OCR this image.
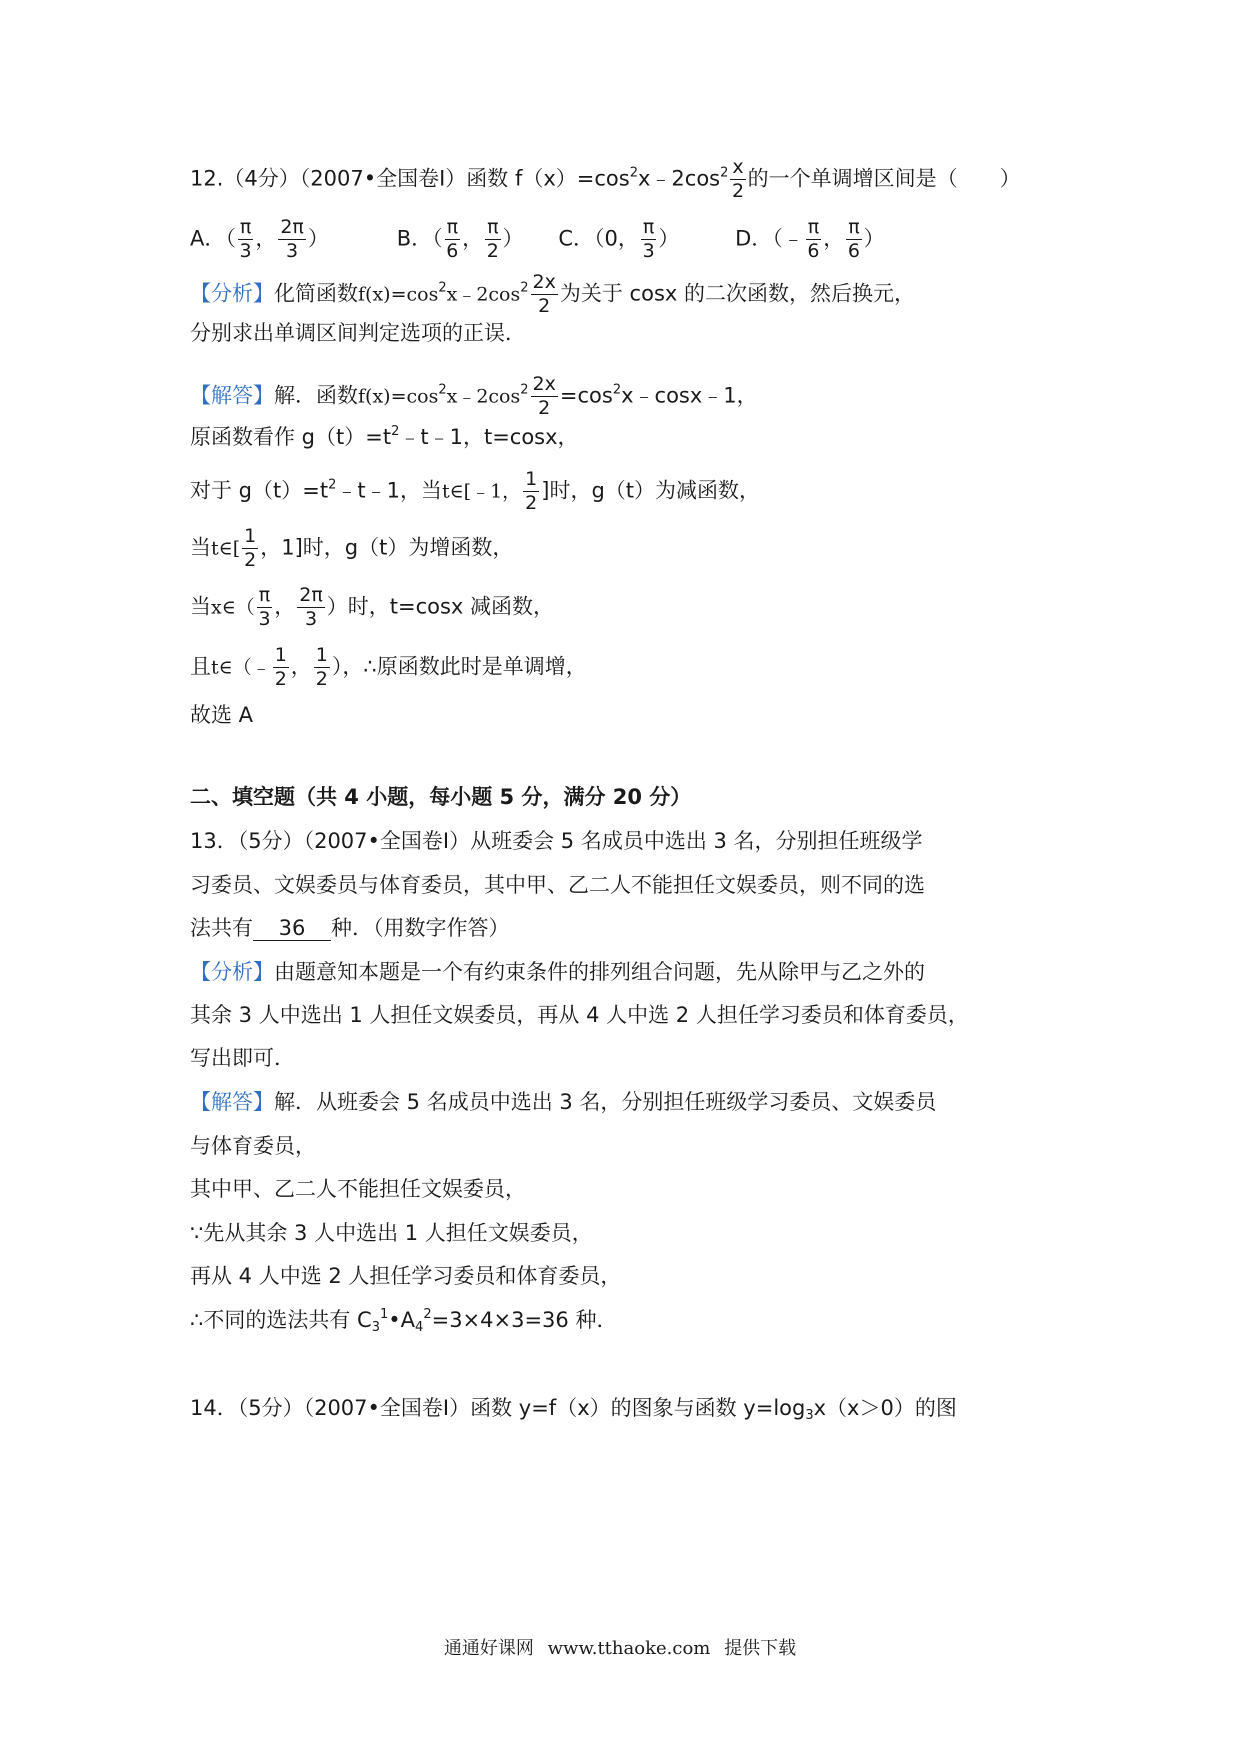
12.（4分）（2007•全国卷Ⅰ）函数 $f(x)=\cos^2x﹣2\cos^2 \frac{x}{2}$ 的一个单调增区间是（　　）
A．（ $\frac{\pi}{3}$ ， $\frac{2\pi}{3}$ ）	B．（ $\frac{\pi}{6}$ ， $\frac{\pi}{2}$ ） C．（0， $\frac{\pi}{3}$ ）	D．（﹣ $\frac{\pi}{6}$ ， $\frac{\pi}{6}$ ）
【分析】化简函数$f(x)=\cos^2x﹣2\cos^2 \frac{2x}{2}$ 为关于 cosx 的二次函数，然后换元，
分别求出单调区间判定选项的正误．
【解答】解．函数$f(x)=\cos^2x﹣2\cos^2 \frac{2x}{2}$ $=\cos^2x﹣\cos x﹣1$，
原函数看作 $g(t)=t^2﹣t﹣1$，t=cosx，
对于 $g(t)=t^2﹣t﹣1$，当t∈[﹣1， $\frac{1}{2}$ ]时，g（t）为减函数，
当t∈[ $\frac{1}{2}$ ，1]时，g（t）为增函数，
当x∈（ $\frac{\pi}{3}$ ， $\frac{2\pi}{3}$ ）时，t=cosx 减函数，
且t∈（﹣ $\frac{1}{2}$ ， $\frac{1}{2}$ ），∴原函数此时是单调增，
故选 A
二、填空题（共 4 小题，每小题 5 分，满分 20 分）
13．（5分）（2007•全国卷Ⅰ）从班委会 5 名成员中选出 3 名，分别担任班级学
习委员、文娱委员与体育委员，其中甲、乙二人不能担任文娱委员，则不同的选
法共有 36 种．（用数字作答）
【分析】由题意知本题是一个有约束条件的排列组合问题，先从除甲与乙之外的
其余 3 人中选出 1 人担任文娱委员，再从 4 人中选 2 人担任学习委员和体育委员，
写出即可．
【解答】解．从班委会 5 名成员中选出 3 名，分别担任班级学习委员、文娱委员
与体育委员，
其中甲、乙二人不能担任文娱委员，
∵先从其余 3 人中选出 1 人担任文娱委员，
再从 4 人中选 2 人担任学习委员和体育委员，
∴不同的选法共有 $C_3^1•A_4^2=3\times 4\times 3=36$ 种．
14．（5分）（2007•全国卷Ⅰ）函数 y=f（x）的图象与函数 $y=\log_3x(x>0)$的图
通通好课网 www.tthaoke.com 提供下载
